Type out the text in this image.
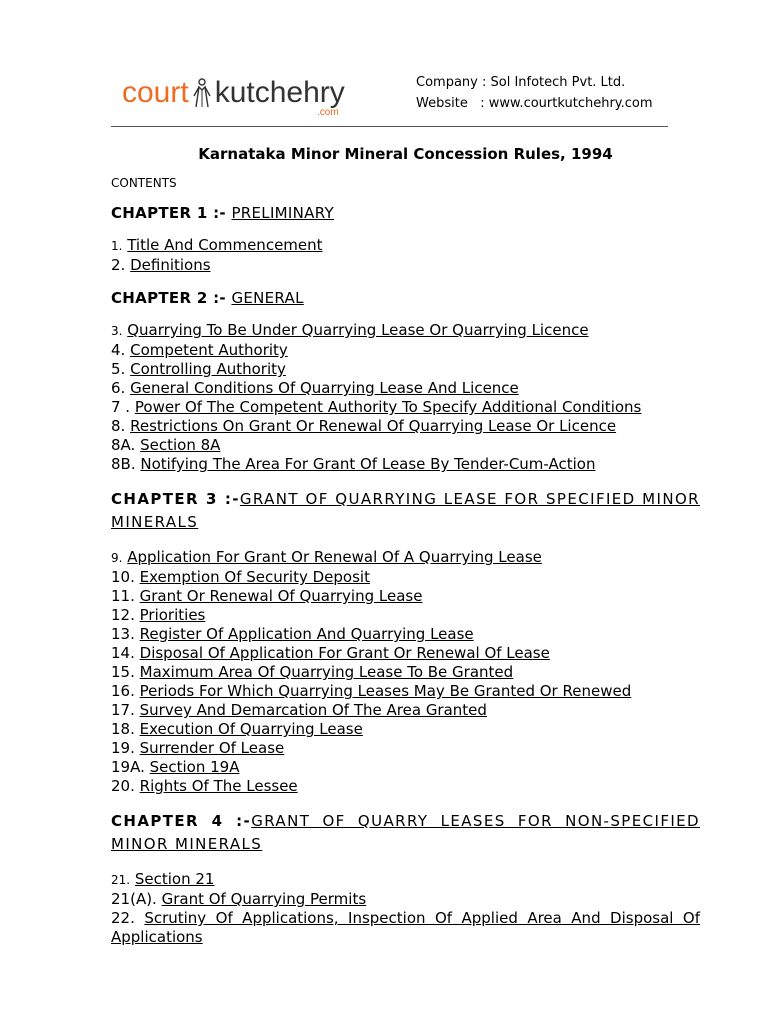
court kutchehry
.com
Company : Sol Infotech Pvt. Ltd.
Website   : www.courtkutchehry.com
Karnataka Minor Mineral Concession Rules, 1994
CONTENTS
CHAPTER 1 :- PRELIMINARY
1. Title And Commencement
2. Definitions
CHAPTER 2 :- GENERAL
3. Quarrying To Be Under Quarrying Lease Or Quarrying Licence
4. Competent Authority
5. Controlling Authority
6. General Conditions Of Quarrying Lease And Licence
7 . Power Of The Competent Authority To Specify Additional Conditions
8. Restrictions On Grant Or Renewal Of Quarrying Lease Or Licence
8A. Section 8A
8B. Notifying The Area For Grant Of Lease By Tender-Cum-Action
CHAPTER 3 :-GRANT OF QUARRYING LEASE FOR SPECIFIED MINOR MINERALS
9. Application For Grant Or Renewal Of A Quarrying Lease
10. Exemption Of Security Deposit
11. Grant Or Renewal Of Quarrying Lease
12. Priorities
13. Register Of Application And Quarrying Lease
14. Disposal Of Application For Grant Or Renewal Of Lease
15. Maximum Area Of Quarrying Lease To Be Granted
16. Periods For Which Quarrying Leases May Be Granted Or Renewed
17. Survey And Demarcation Of The Area Granted
18. Execution Of Quarrying Lease
19. Surrender Of Lease
19A. Section 19A
20. Rights Of The Lessee
CHAPTER 4 :-GRANT OF QUARRY LEASES FOR NON-SPECIFIED MINOR MINERALS
21. Section 21
21(A). Grant Of Quarrying Permits
22. Scrutiny Of Applications, Inspection Of Applied Area And Disposal Of Applications
